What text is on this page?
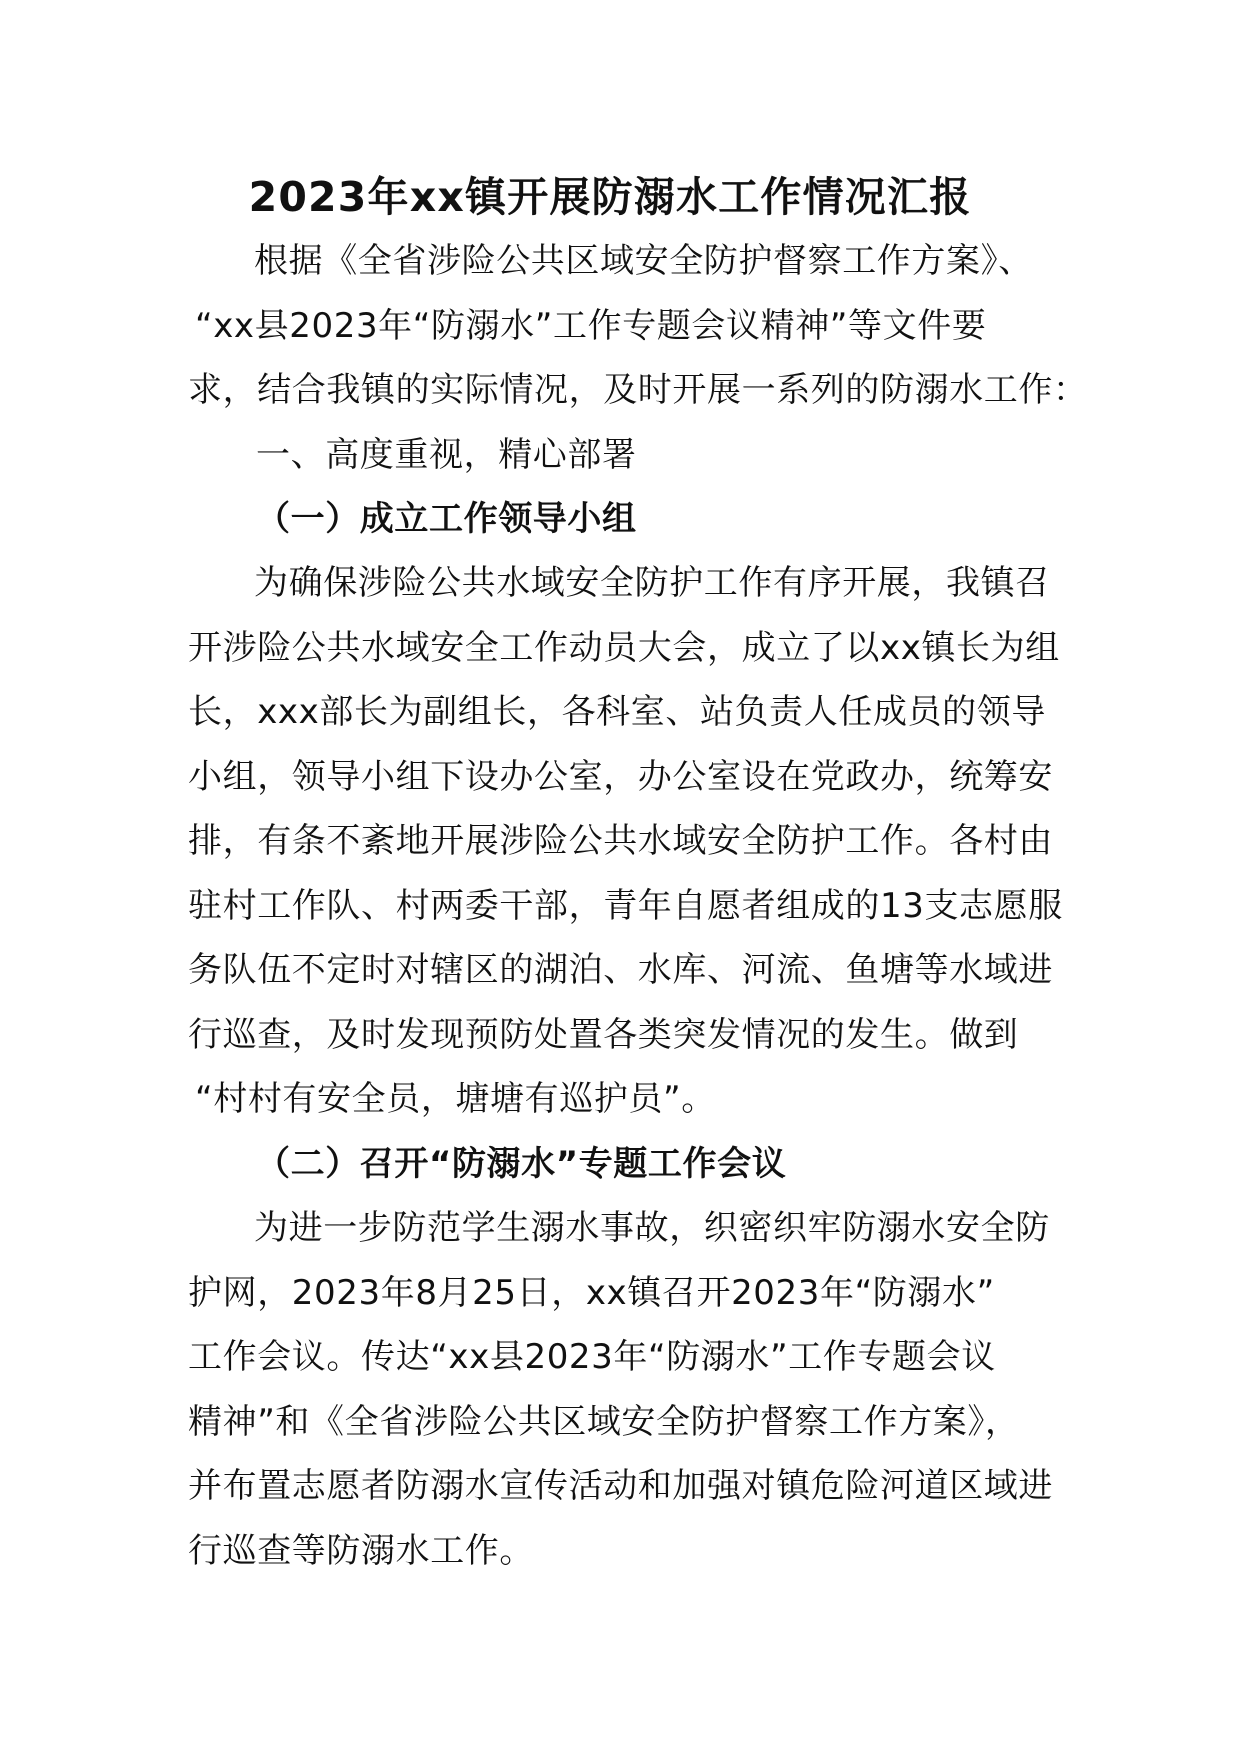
2023年xx镇开展防溺水工作情况汇报

根据《全省涉险公共区域安全防护督察工作方案》、

“xx县2023年“防溺水”工作专题会议精神”等文件要

求，结合我镇的实际情况，及时开展一系列的防溺水工作：

一、高度重视，精心部署

（一）成立工作领导小组

为确保涉险公共水域安全防护工作有序开展，我镇召

开涉险公共水域安全工作动员大会，成立了以xx镇长为组

长，xxx部长为副组长，各科室、站负责人任成员的领导

小组，领导小组下设办公室，办公室设在党政办，统筹安

排，有条不紊地开展涉险公共水域安全防护工作。各村由

驻村工作队、村两委干部，青年自愿者组成的13支志愿服

务队伍不定时对辖区的湖泊、水库、河流、鱼塘等水域进

行巡查，及时发现预防处置各类突发情况的发生。做到

“村村有安全员，塘塘有巡护员”。

（二）召开“防溺水”专题工作会议

为进一步防范学生溺水事故，织密织牢防溺水安全防

护网，2023年8月25日，xx镇召开2023年“防溺水”

工作会议。传达“xx县2023年“防溺水”工作专题会议

精神”和《全省涉险公共区域安全防护督察工作方案》，

并布置志愿者防溺水宣传活动和加强对镇危险河道区域进

行巡查等防溺水工作。
